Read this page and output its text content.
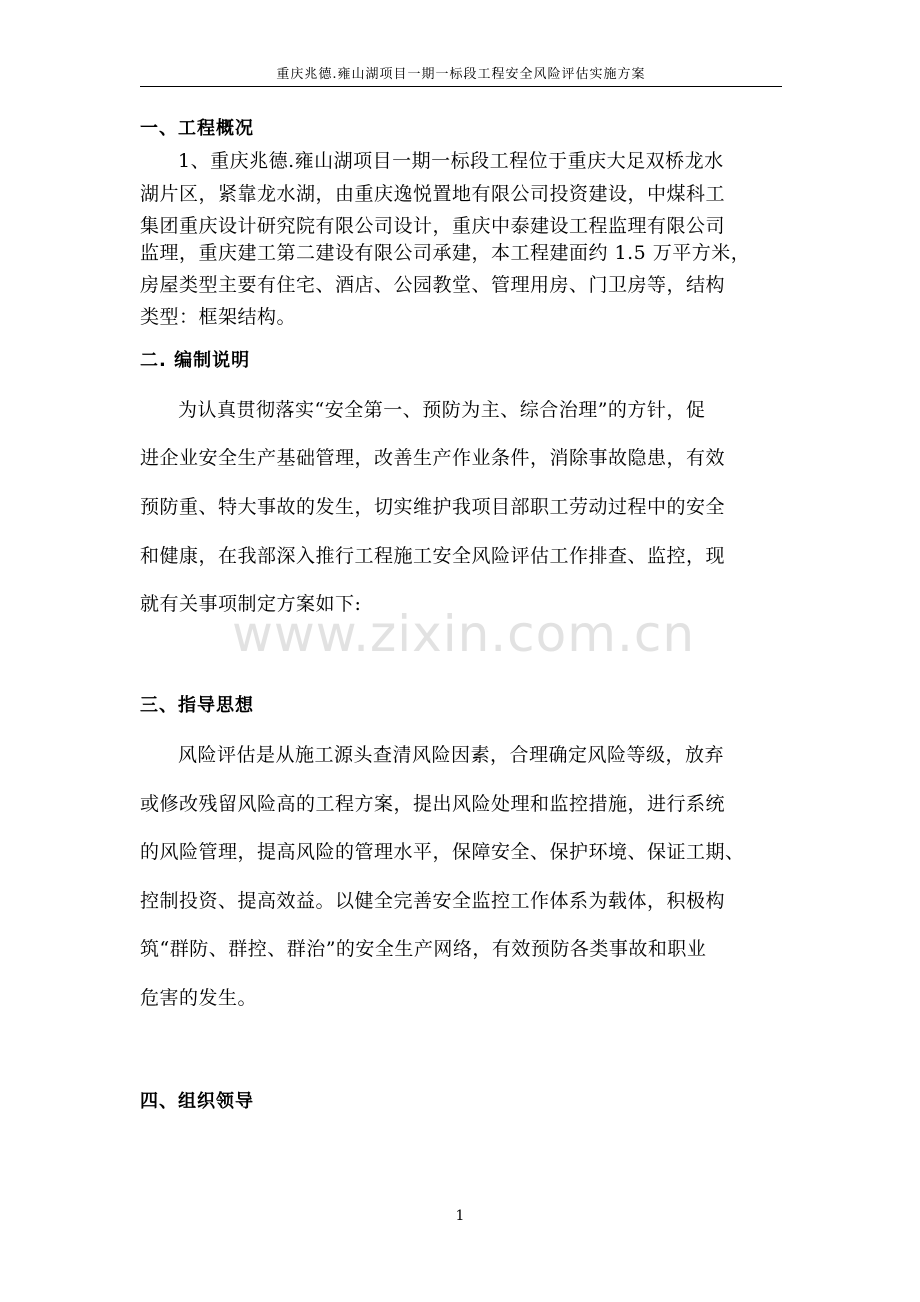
重庆兆德.雍山湖项目一期一标段工程安全风险评估实施方案
www.zixin.com.cn
一、工程概况
1、重庆兆德.雍山湖项目一期一标段工程位于重庆大足双桥龙水
湖片区，紧靠龙水湖，由重庆逸悦置地有限公司投资建设，中煤科工
集团重庆设计研究院有限公司设计，重庆中泰建设工程监理有限公司
监理，重庆建工第二建设有限公司承建，本工程建面约 1.5 万平方米，
房屋类型主要有住宅、酒店、公园教堂、管理用房、门卫房等，结构
类型：框架结构。
二. 编制说明
为认真贯彻落实“安全第一、预防为主、综合治理”的方针，促
进企业安全生产基础管理，改善生产作业条件，消除事故隐患，有效
预防重、特大事故的发生，切实维护我项目部职工劳动过程中的安全
和健康，在我部深入推行工程施工安全风险评估工作排查、监控，现
就有关事项制定方案如下:
三、指导思想
风险评估是从施工源头查清风险因素，合理确定风险等级，放弃
或修改残留风险高的工程方案，提出风险处理和监控措施，进行系统
的风险管理，提高风险的管理水平，保障安全、保护环境、保证工期、
控制投资、提高效益。以健全完善安全监控工作体系为载体，积极构
筑“群防、群控、群治”的安全生产网络，有效预防各类事故和职业
危害的发生。
四、组织领导
1
